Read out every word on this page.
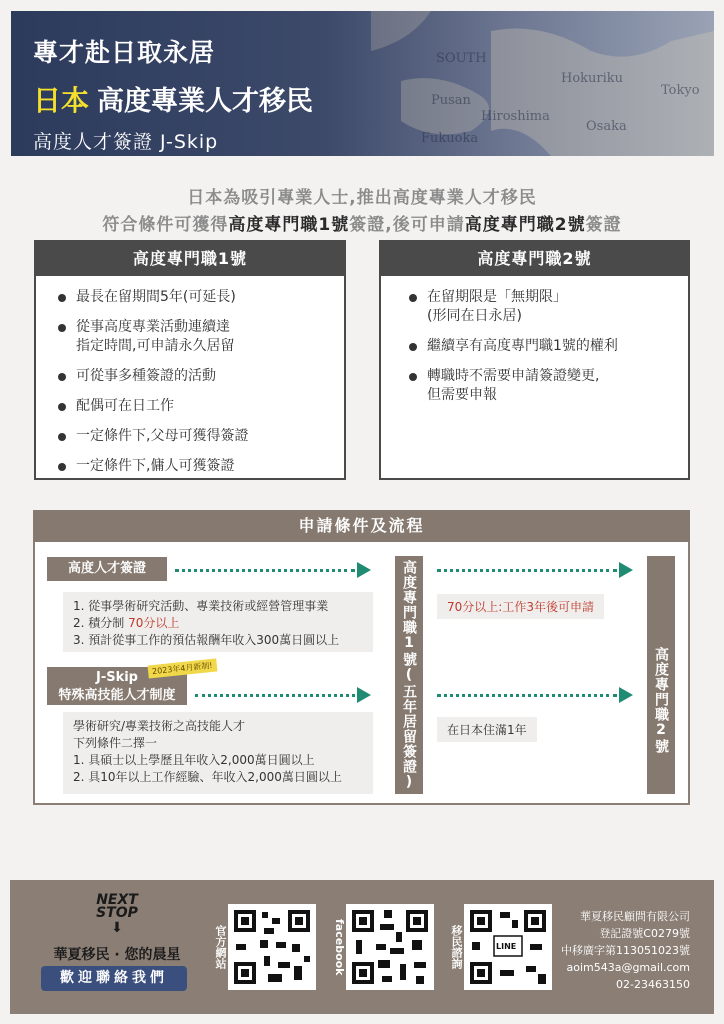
SOUTH
Hokuriku
Tokyo
Osaka
Fukuoka
Pusan
Hiroshima
專才赴日取永居
日本 高度專業人才移民
高度人才簽證 J-Skip
日本為吸引專業人士,推出高度專業人才移民
符合條件可獲得高度專門職1號簽證,後可申請高度專門職2號簽證
高度專門職1號
最長在留期間5年(可延長)
從事高度專業活動連續達
指定時間,可申請永久居留
可從事多種簽證的活動
配偶可在日工作
一定條件下,父母可獲得簽證
一定條件下,傭人可獲簽證
高度專門職2號
在留期限是「無期限」
(形同在日永居)
繼續享有高度專門職1號的權利
轉職時不需要申請簽證變更,
但需要申報
申請條件及流程
高度人才簽證
1. 從事學術研究活動、專業技術或經營管理事業
2. 積分制 70分以上
3. 預計從事工作的預估報酬年收入300萬日圓以上
J-Skip
特殊高技能人才制度
2023年4月新制!
學術研究/專業技術之高技能人才
下列條件二擇一
1. 具碩士以上學歷且年收入2,000萬日圓以上
2. 具10年以上工作經驗、年收入2,000萬日圓以上	高度專門職1號(五年居留簽證)	70分以上:工作3年後可申請
在日本住滿1年	高度專門職2號
NEXT
STOP
⬇
華夏移民 · 您的晨星
歡迎聯絡我們
官方網站	facebook	移民諮詢	LINE
華夏移民顧問有限公司
登記證號C0279號
中移廣字第113051023號
aoim543a@gmail.com
02-23463150
